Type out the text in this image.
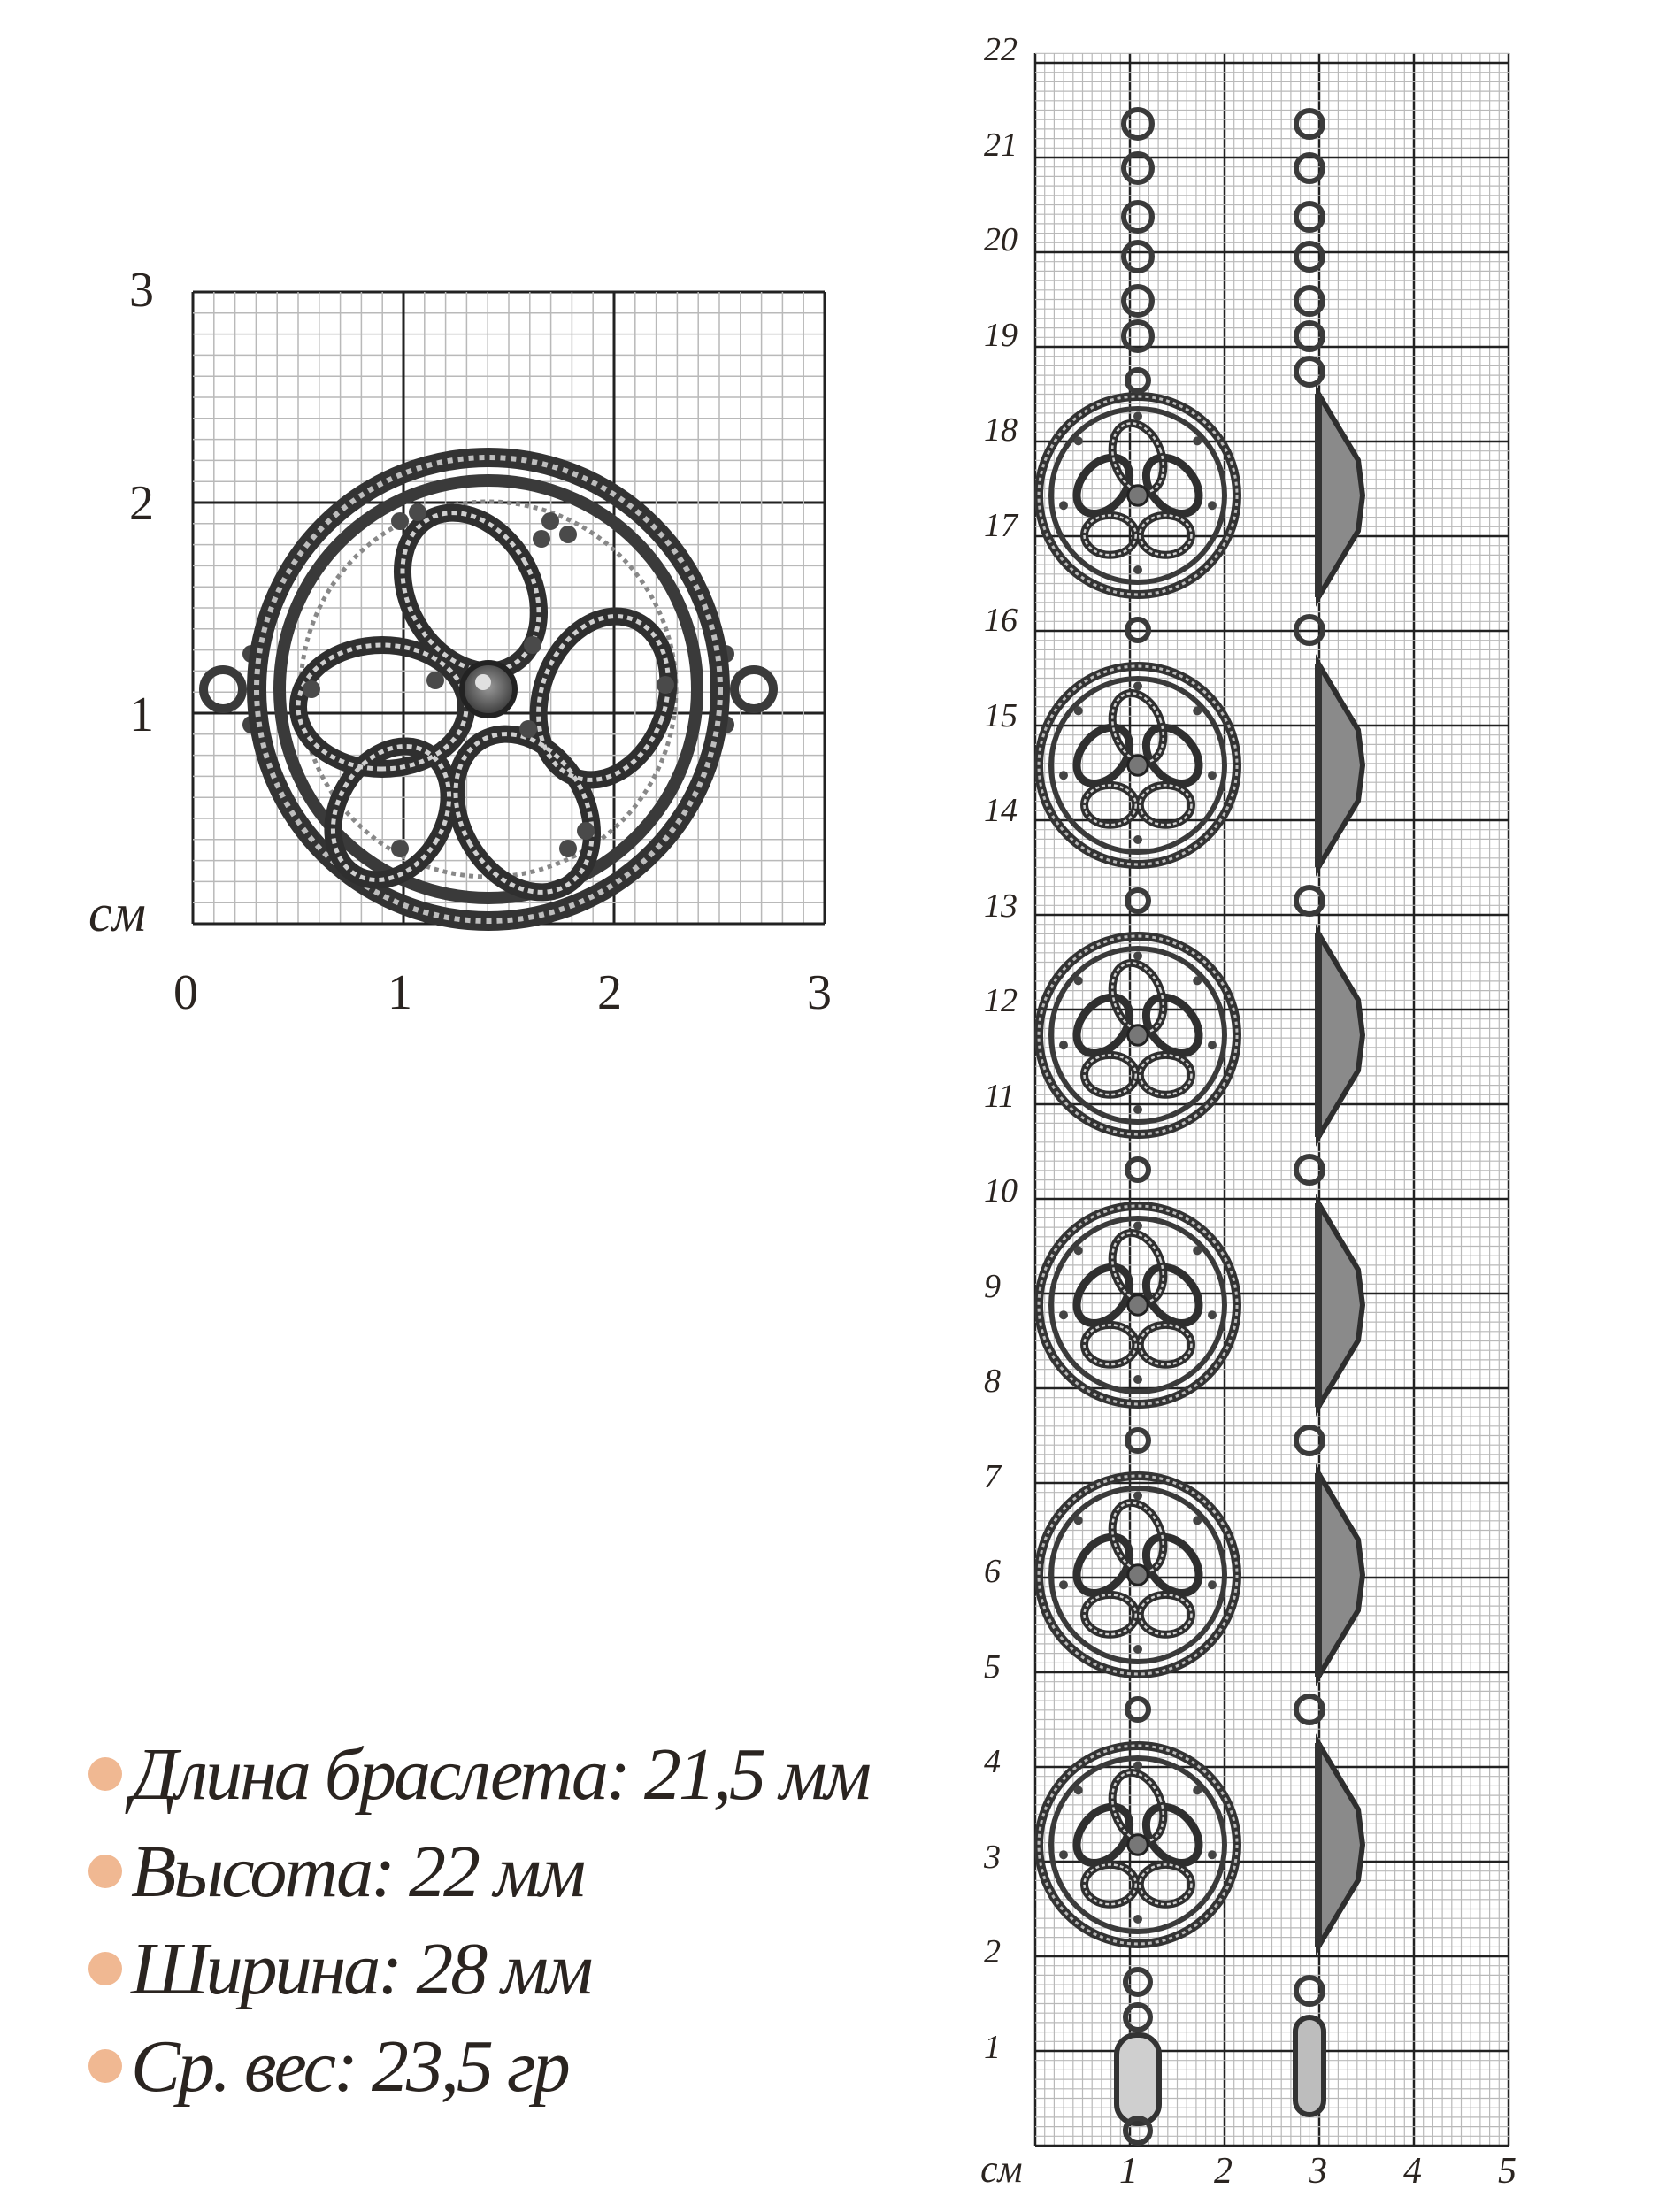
3
2
1
см
0	1	2	3
22
21
20
19
18
17
16
15
14
13
12
11
10
9
8
7
6
5
4
3
2
1
см	1 2 3 4 5
Длина браслета: 21,5 мм
Высота: 22 мм
Ширина: 28 мм
Ср. вес: 23,5 гр
